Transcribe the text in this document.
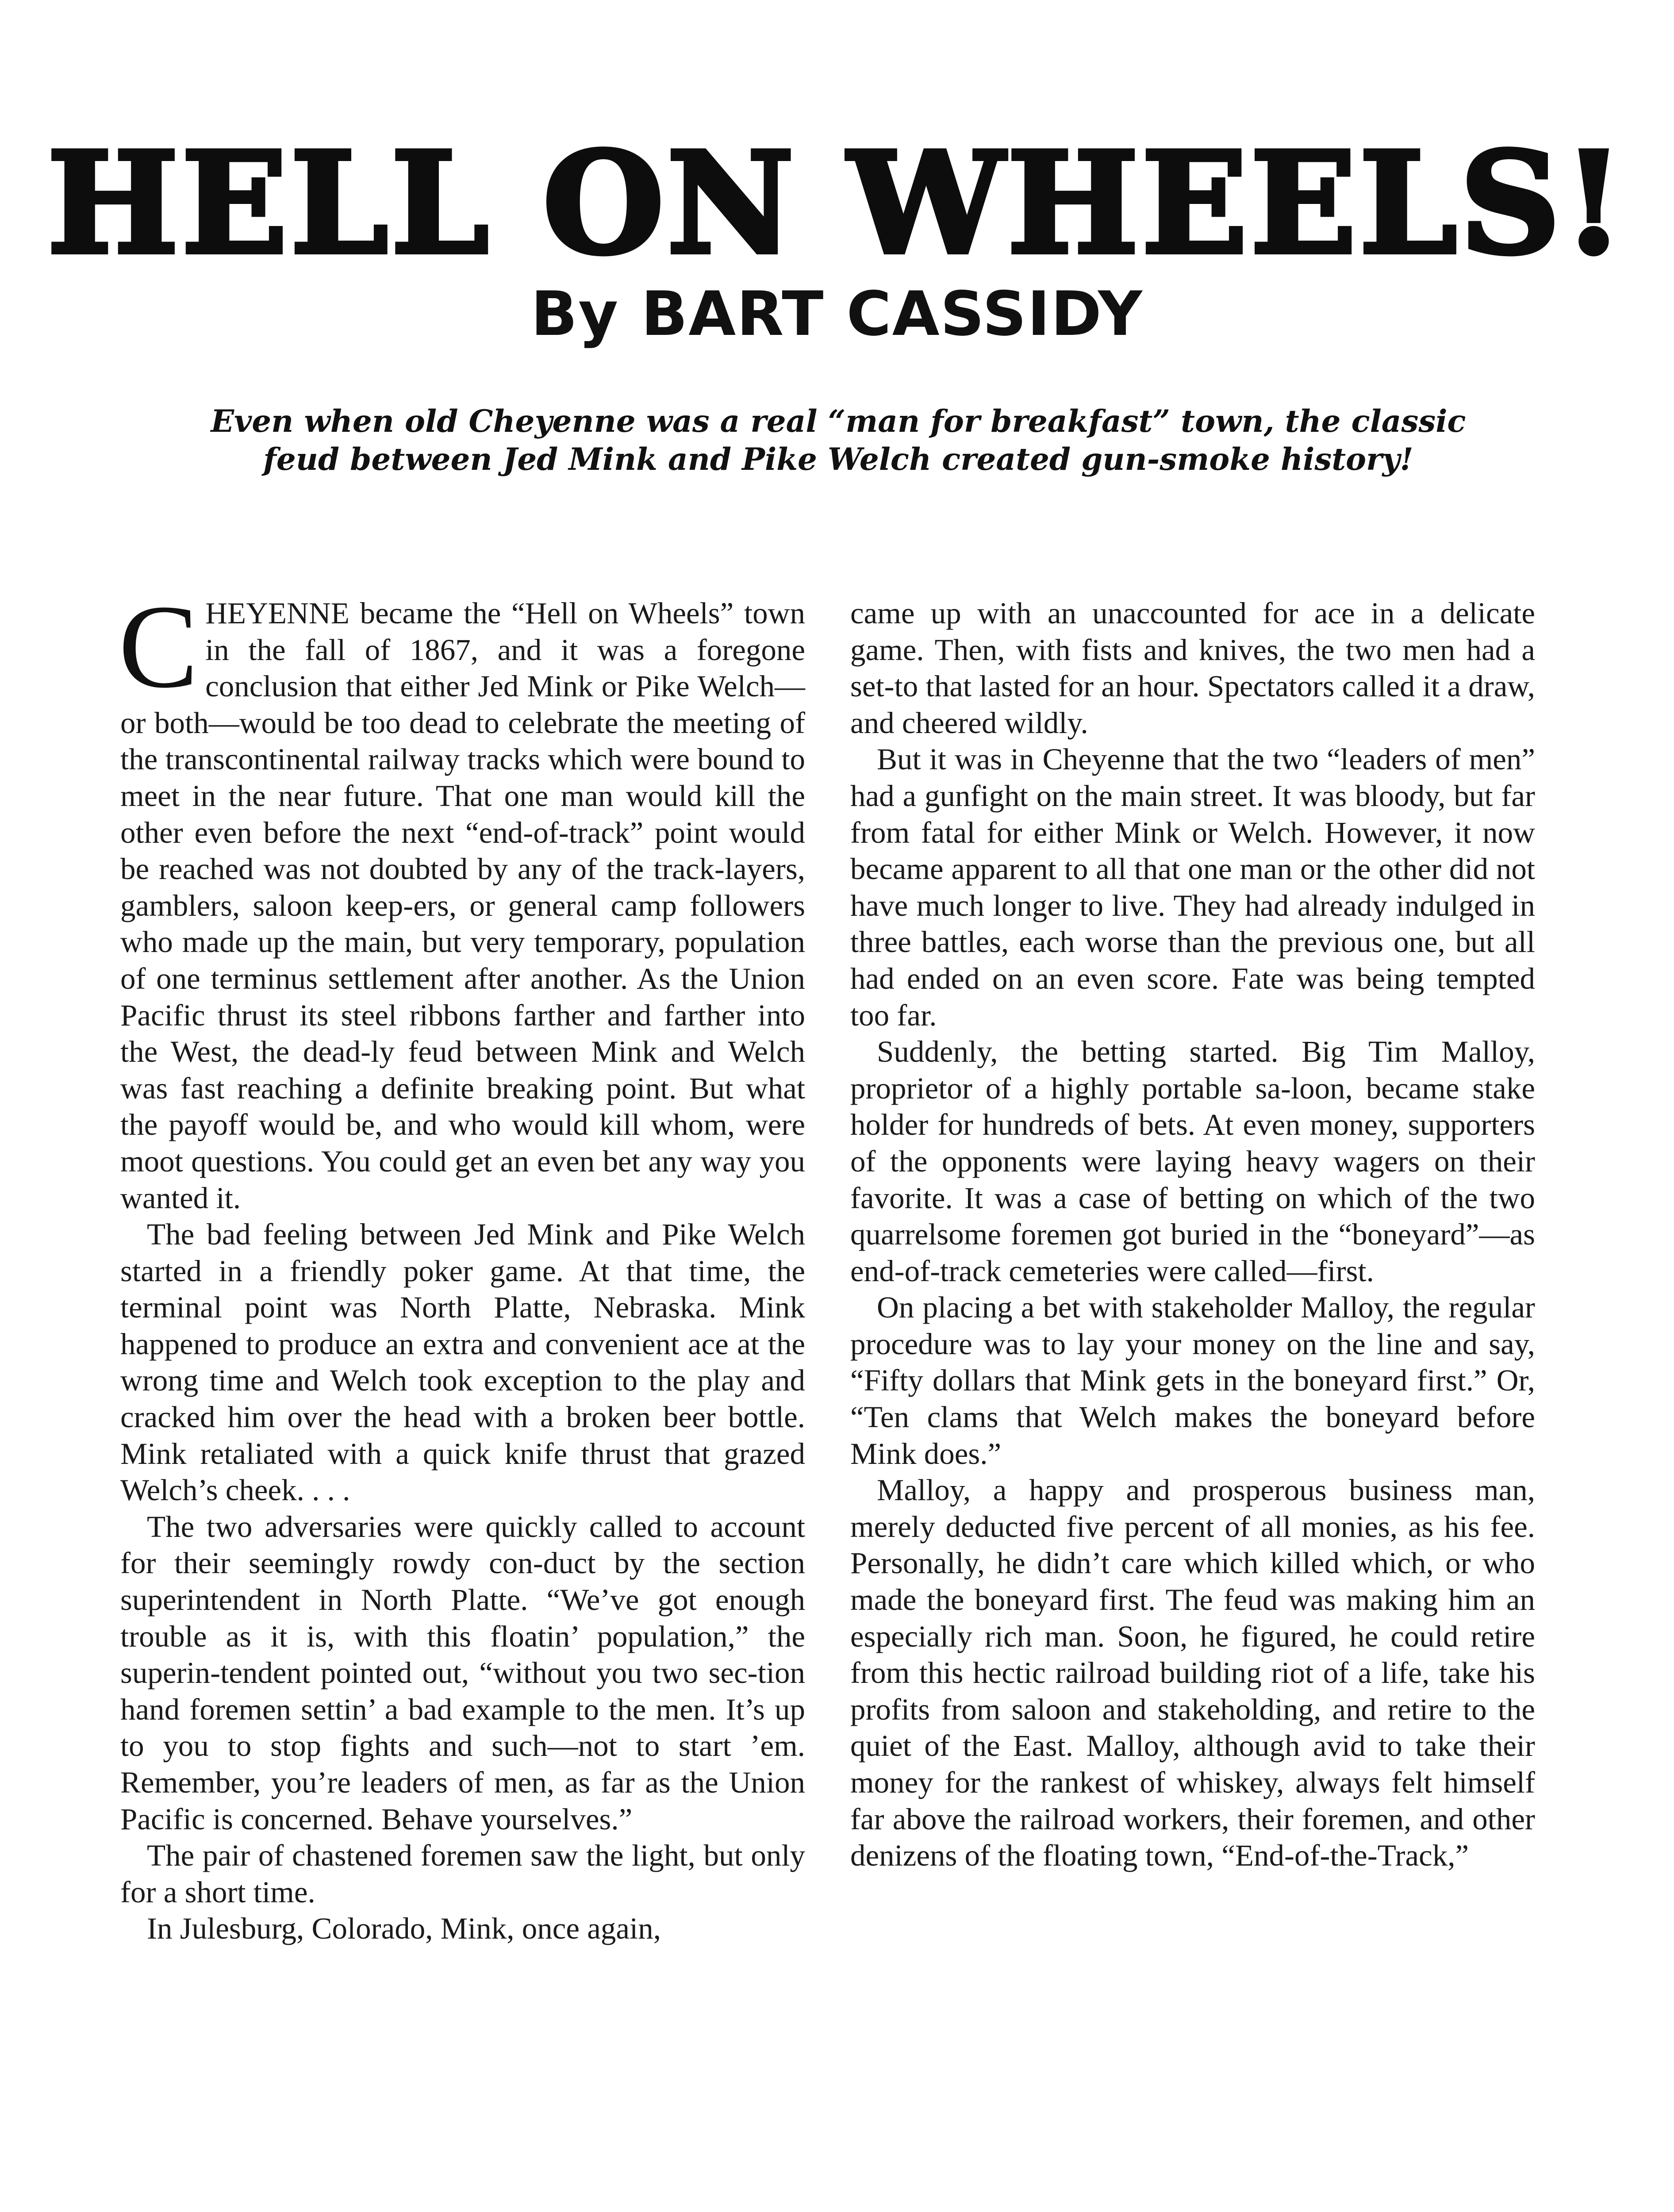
HELL ON WHEELS!
By BART CASSIDY

Even when old Cheyenne was a real “man for breakfast” town, the classic feud between Jed Mink and Pike Welch created gun-smoke history!

CHEYENNE became the “Hell on Wheels” town in the fall of 1867, and it was a foregone conclusion that either Jed Mink or Pike Welch—or both—would be too dead to celebrate the meeting of the transcontinental railway tracks which were bound to meet in the near future. That one man would kill the other even before the next “end-of-track” point would be reached was not doubted by any of the track-layers, gamblers, saloon keep-ers, or general camp followers who made up the main, but very temporary, population of one terminus settlement after another. As the Union Pacific thrust its steel ribbons farther and farther into the West, the dead-ly feud between Mink and Welch was fast reaching a definite breaking point. But what the payoff would be, and who would kill whom, were moot questions. You could get an even bet any way you wanted it.

The bad feeling between Jed Mink and Pike Welch started in a friendly poker game. At that time, the terminal point was North Platte, Nebraska. Mink happened to produce an extra and convenient ace at the wrong time and Welch took exception to the play and cracked him over the head with a broken beer bottle. Mink retaliated with a quick knife thrust that grazed Welch’s cheek. . . .

The two adversaries were quickly called to account for their seemingly rowdy con-duct by the section superintendent in North Platte. “We’ve got enough trouble as it is, with this floatin’ population,” the superin-tendent pointed out, “without you two sec-tion hand foremen settin’ a bad example to the men. It’s up to you to stop fights and such—not to start ’em. Remember, you’re leaders of men, as far as the Union Pacific is concerned. Behave yourselves.”

The pair of chastened foremen saw the light, but only for a short time.

In Julesburg, Colorado, Mink, once again,

came up with an unaccounted for ace in a delicate game. Then, with fists and knives, the two men had a set-to that lasted for an hour. Spectators called it a draw, and cheered wildly.

But it was in Cheyenne that the two “leaders of men” had a gunfight on the main street. It was bloody, but far from fatal for either Mink or Welch. However, it now became apparent to all that one man or the other did not have much longer to live. They had already indulged in three battles, each worse than the previous one, but all had ended on an even score. Fate was being tempted too far.

Suddenly, the betting started. Big Tim Malloy, proprietor of a highly portable sa-loon, became stake holder for hundreds of bets. At even money, supporters of the opponents were laying heavy wagers on their favorite. It was a case of betting on which of the two quarrelsome foremen got buried in the “boneyard”—as end-of-track cemeteries were called—first.

On placing a bet with stakeholder Malloy, the regular procedure was to lay your money on the line and say, “Fifty dollars that Mink gets in the boneyard first.” Or, “Ten clams that Welch makes the boneyard before Mink does.”

Malloy, a happy and prosperous business man, merely deducted five percent of all monies, as his fee. Personally, he didn’t care which killed which, or who made the boneyard first. The feud was making him an especially rich man. Soon, he figured, he could retire from this hectic railroad building riot of a life, take his profits from saloon and stakeholding, and retire to the quiet of the East. Malloy, although avid to take their money for the rankest of whiskey, always felt himself far above the railroad workers, their foremen, and other denizens of the floating town, “End-of-the-Track,”
